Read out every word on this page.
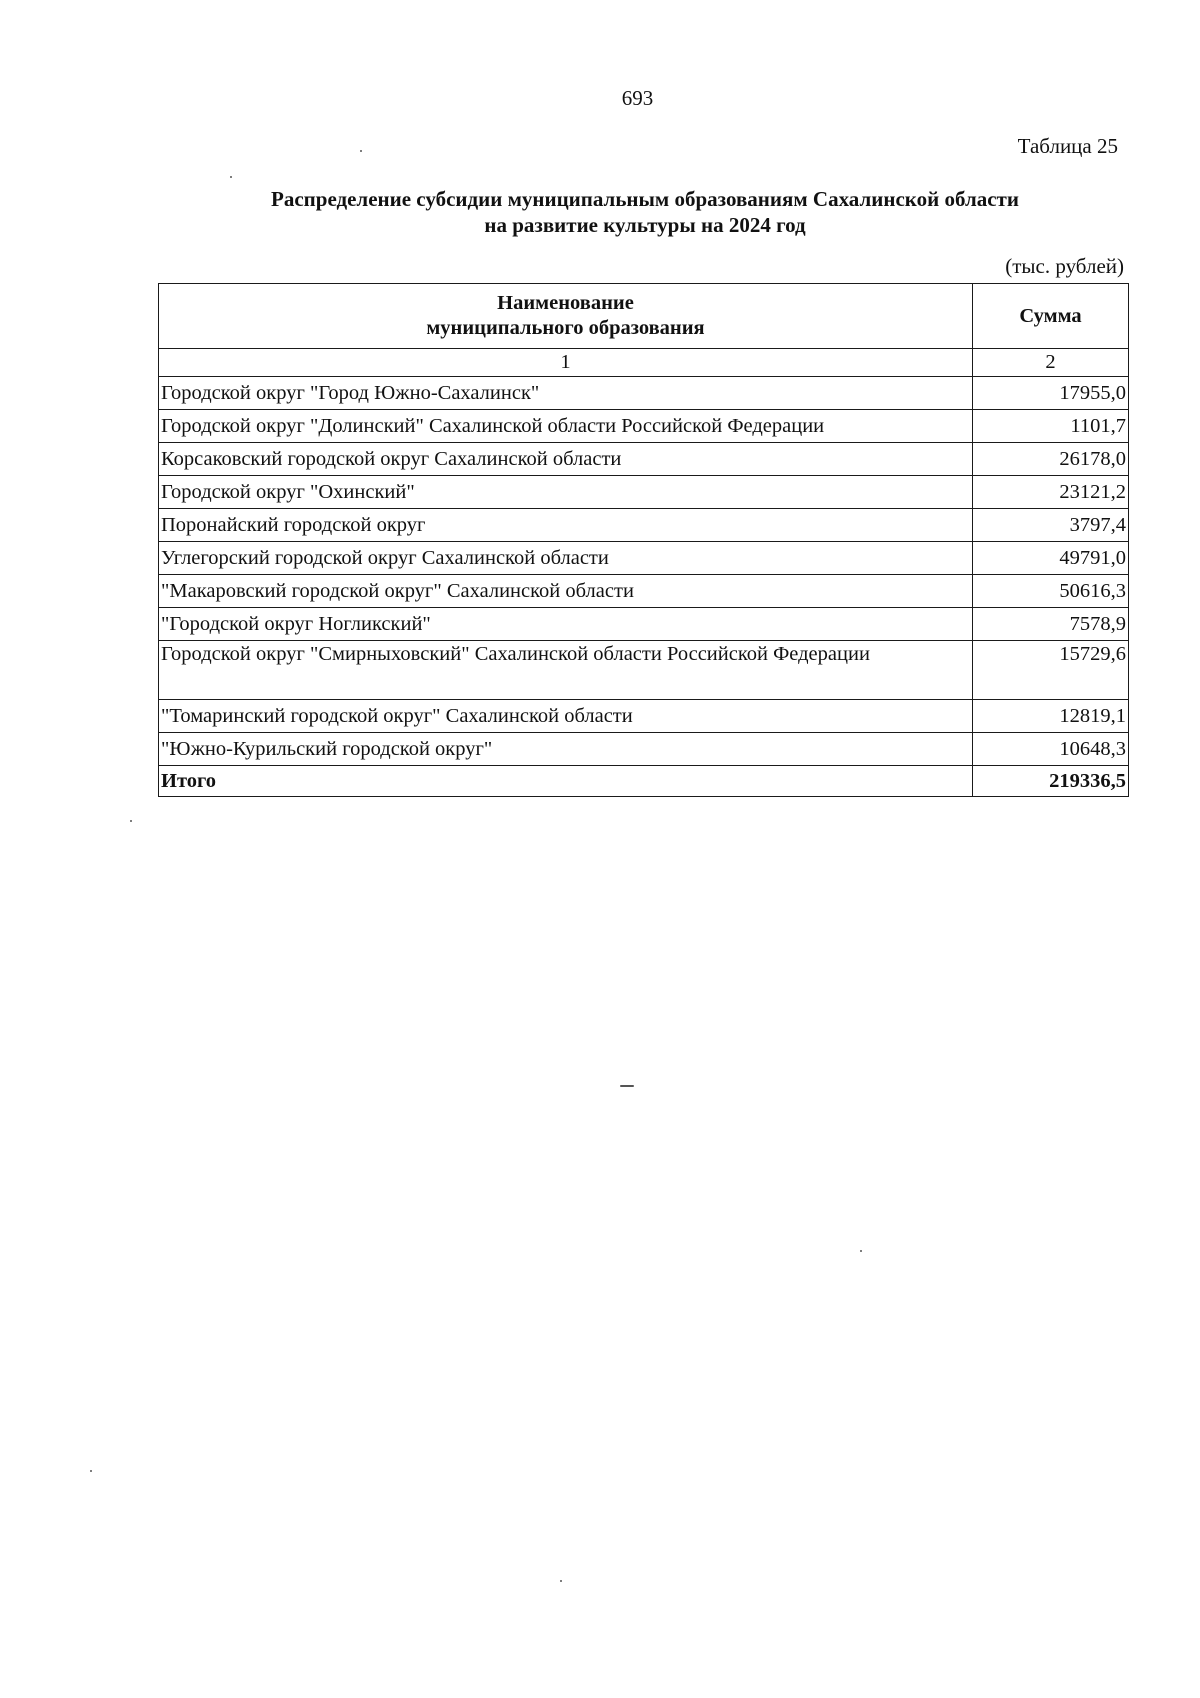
693
Таблица 25
Распределение субсидии муниципальным образованиям Сахалинской области
на развитие культуры на 2024 год
(тыс. рублей)
Наименование
муниципального образования	Сумма
1	2
Городской округ "Город Южно-Сахалинск"	17955,0
Городской округ "Долинский" Сахалинской области Российской Федерации	1101,7
Корсаковский городской округ Сахалинской области	26178,0
Городской округ "Охинский"	23121,2
Поронайский городской округ	3797,4
Углегорский городской округ Сахалинской области	49791,0
"Макаровский городской округ" Сахалинской области	50616,3
"Городской округ Ногликский"	7578,9
Городской округ "Смирныховский" Сахалинской области Российской Федерации	15729,6
"Томаринский городской округ" Сахалинской области	12819,1
"Южно-Курильский городской округ"	10648,3
Итого	219336,5
